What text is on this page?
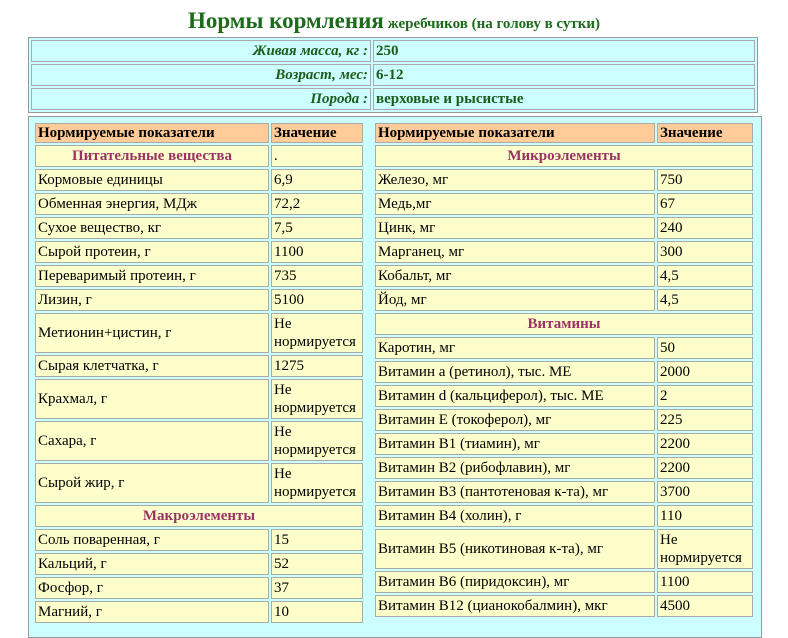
Нормы кормления жеребчиков (на голову в сутки)
Живая масса, кг :	250
Возраст, мес:	6-12
Порода :	верховые и рысистые
Нормируемые показатели	Значение
Питательные вещества	.
Кормовые единицы	6,9
Обменная энергия, МДж	72,2
Сухое вещество, кг	7,5
Сырой протеин, г	1100
Переваримый протеин, г	735
Лизин, г	5100
Метионин+цистин, г	Не нормируется
Сырая клетчатка, г	1275
Крахмал, г	Не нормируется
Сахара, г	Не нормируется
Сырой жир, г	Не нормируется
Макроэлементы	
Соль поваренная, г	15
Кальций, г	52
Фосфор, г	37
Магний, г	10
Нормируемые показатели	Значение
Микроэлементы	
Железо, мг	750
Медь,мг	67
Цинк, мг	240
Марганец, мг	300
Кобальт, мг	4,5
Йод, мг	4,5
Витамины	
Каротин, мг	50
Витамин а (ретинол), тыс. МЕ	2000
Витамин d (кальциферол), тыс. МЕ	2
Витамин Е (токоферол), мг	225
Витамин В1 (тиамин), мг	2200
Витамин В2 (рибофлавин), мг	2200
Витамин В3 (пантотеновая к-та), мг	3700
Витамин В4 (холин), г	110
Витамин В5 (никотиновая к-та), мг	Не нормируется
Витамин В6 (пиридоксин), мг	1100
Витамин В12 (цианокобалмин), мкг	4500
